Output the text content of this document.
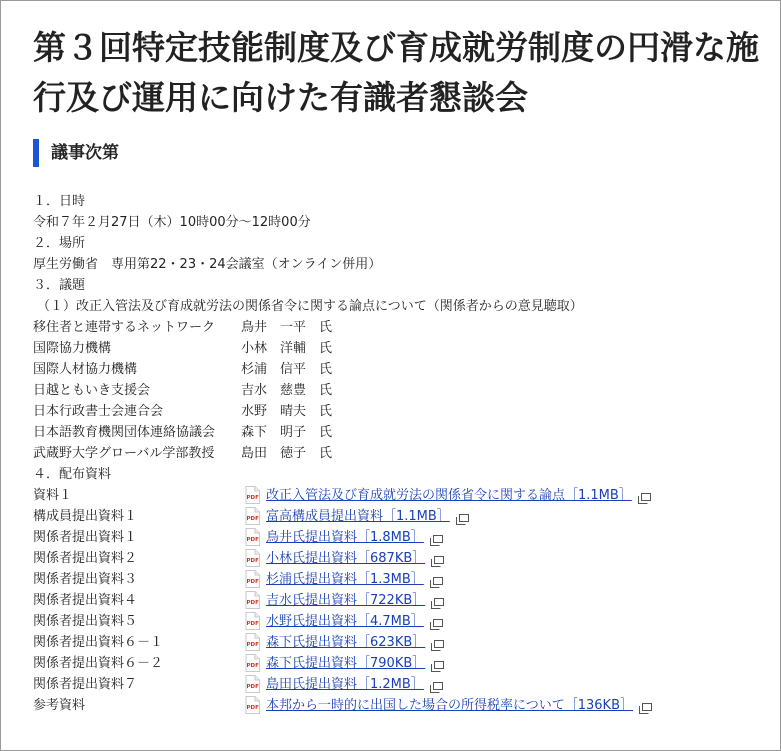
第３回特定技能制度及び育成就労制度の円滑な施行及び運用に向けた有識者懇談会
議事次第
１．日時
令和７年２月27日（木）10時00分～12時00分
２．場所
厚生労働省　専用第22・23・24会議室（オンライン併用）
３．議題
（１）改正入管法及び育成就労法の関係省令に関する論点について（関係者からの意見聴取）
移住者と連帯するネットワーク 鳥井　一平　氏
国際協力機構	小林　洋輔　氏
国際人材協力機構	杉浦　信平　氏
日越ともいき支援会	吉水　慈豊　氏
日本行政書士会連合会	水野　晴夫　氏
日本語教育機関団体連絡協議会 森下　明子　氏
武蔵野大学グローバル学部教授 島田　徳子　氏
４．配布資料
資料１	PDF 改正入管法及び育成就労法の関係省令に関する論点［1.1MB］
構成員提出資料１	PDF 富高構成員提出資料［1.1MB］
関係者提出資料１	PDF 鳥井氏提出資料［1.8MB］
関係者提出資料２	PDF 小林氏提出資料［687KB］
関係者提出資料３	PDF 杉浦氏提出資料［1.3MB］
関係者提出資料４	PDF 吉水氏提出資料［722KB］
関係者提出資料５	PDF 水野氏提出資料［4.7MB］
関係者提出資料６－１	PDF 森下氏提出資料［623KB］
関係者提出資料６－２	PDF 森下氏提出資料［790KB］
関係者提出資料７	PDF 島田氏提出資料［1.2MB］
参考資料	PDF 本邦から一時的に出国した場合の所得税率について［136KB］
